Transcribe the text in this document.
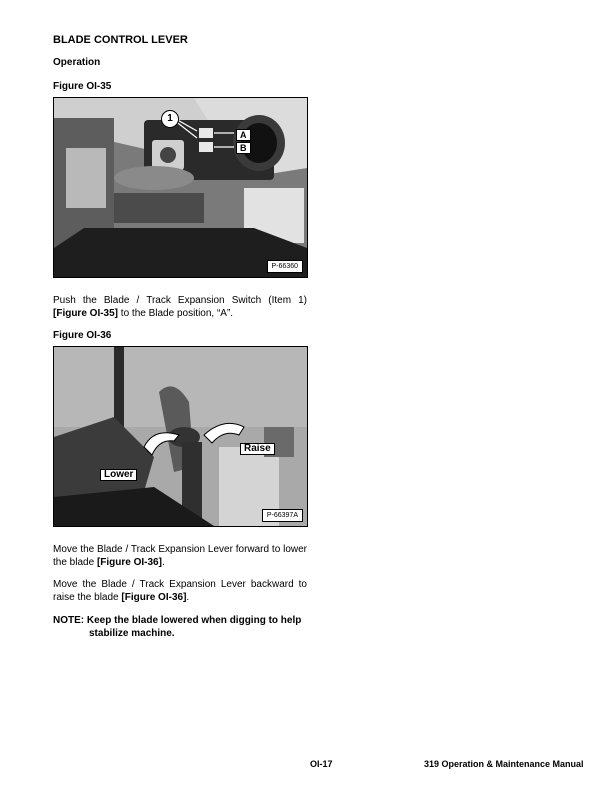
BLADE CONTROL LEVER
Operation
Figure OI-35
1
A
B
P-66360
Push the Blade / Track Expansion Switch (Item 1) [Figure OI-35] to the Blade position, “A”.
Figure OI-36
Raise
Lower
P-66397A
Move the Blade / Track Expansion Lever forward to lower the blade [Figure OI-36].
Move the Blade / Track Expansion Lever backward to raise the blade [Figure OI-36].
NOTE: Keep the blade lowered when digging to help
stabilize machine.
OI-17	319 Operation & Maintenance Manual
